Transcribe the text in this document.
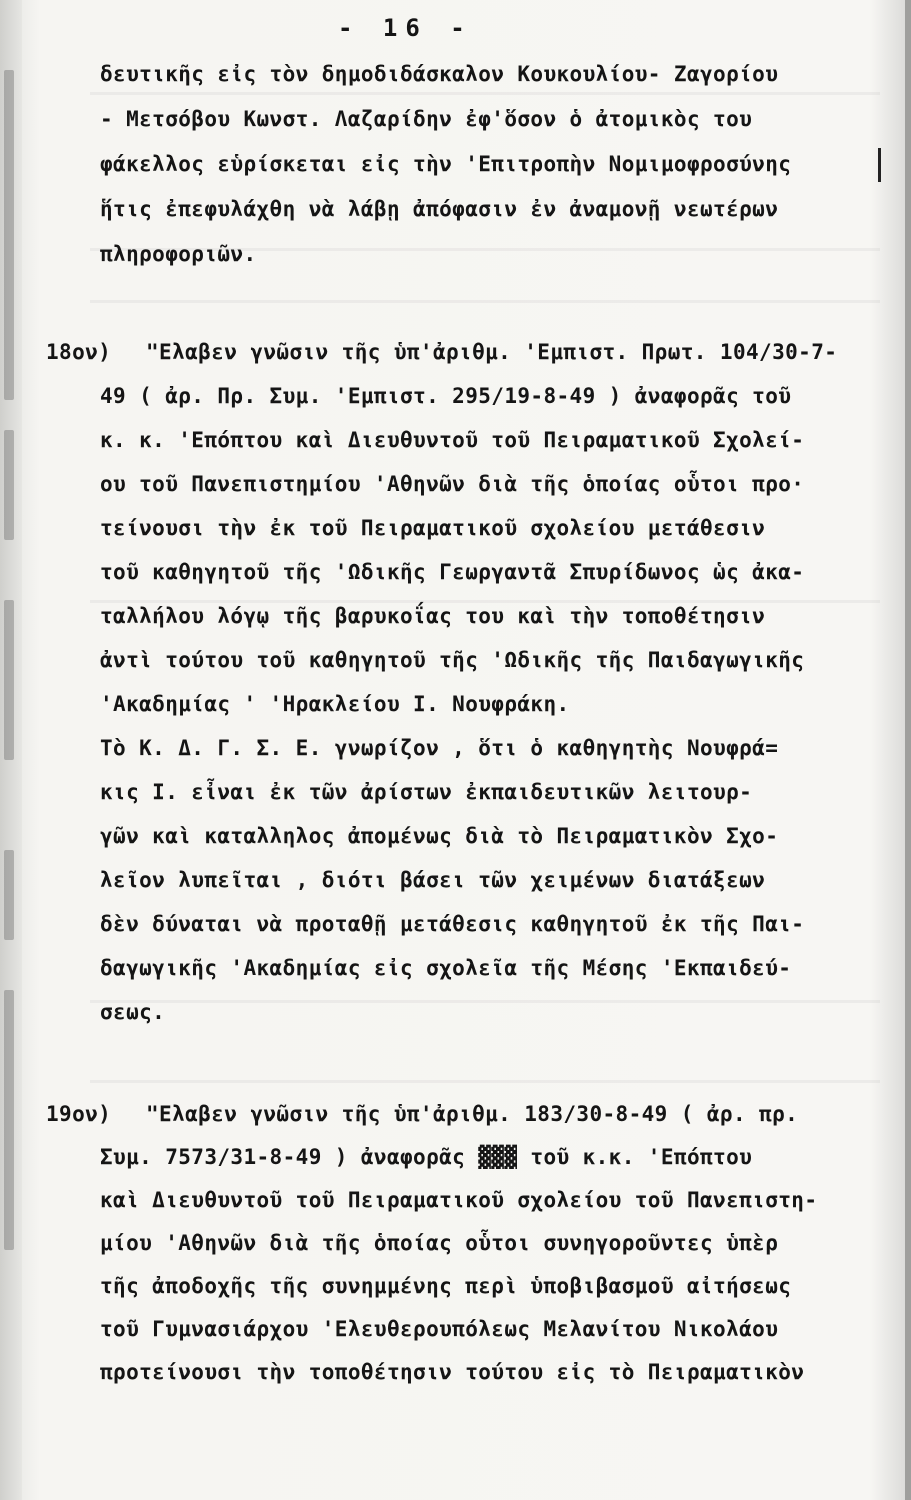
- 16 -
δευτικῆς εἰς τὸν δημοδιδάσκαλον Κουκουλίου- Ζαγορίου
- Μετσόβου Κωνστ. Λαζαρίδην ἐφ'ὅσον ὁ ἀτομικὸς του
φάκελλος εὑρίσκεται εἰς τὴν 'Επιτροπὴν Νομιμοφροσύνης
ἥτις ἐπεφυλάχθη νὰ λάβῃ ἀπόφασιν ἐν ἀναμονῇ νεωτέρων
πληροφοριῶν.
18ον) "Ελαβεν γνῶσιν τῆς ὑπ'ἀριθμ. 'Εμπιστ. Πρωτ. 104/30-7-
49 ( ἀρ. Πρ. Συμ. 'Εμπιστ. 295/19-8-49 ) ἀναφορᾶς τοῦ
κ. κ. 'Επόπτου καὶ Διευθυντοῦ τοῦ Πειραματικοῦ Σχολεί-
ου τοῦ Πανεπιστημίου 'Αθηνῶν διὰ τῆς ὁποίας οὗτοι προ·
τείνουσι τὴν ἐκ τοῦ Πειραματικοῦ σχολείου μετάθεσιν
τοῦ καθηγητοῦ τῆς 'Ωδικῆς Γεωργαντᾶ Σπυρίδωνος ὡς ἀκα-
ταλλήλου λόγῳ τῆς βαρυκοΐας του καὶ τὴν τοποθέτησιν
ἀντὶ τούτου τοῦ καθηγητοῦ τῆς 'Ωδικῆς τῆς Παιδαγωγικῆς
'Ακαδημίας ' 'Ηρακλείου Ι. Νουφράκη.
Τὸ Κ. Δ. Γ. Σ. Ε. γνωρίζον , ὅτι ὁ καθηγητὴς Νουφρά=
κις Ι. εἶναι ἐκ τῶν ἀρίστων ἐκπαιδευτικῶν λειτουρ-
γῶν καὶ καταλληλος ἀπομένως διὰ τὸ Πειραματικὸν Σχο-
λεῖον λυπεῖται , διότι βάσει τῶν χειμένων διατάξεων
δὲν δύναται νὰ προταθῇ μετάθεσις καθηγητοῦ ἐκ τῆς Παι-
δαγωγικῆς 'Ακαδημίας εἰς σχολεῖα τῆς Μέσης 'Εκπαιδεύ-
σεως.
19ον) "Ελαβεν γνῶσιν τῆς ὑπ'ἀριθμ. 183/30-8-49 ( ἀρ. πρ.
Συμ. 7573/31-8-49 ) ἀναφορᾶς ▓▓▓ τοῦ κ.κ. 'Επόπτου
καὶ Διευθυντοῦ τοῦ Πειραματικοῦ σχολείου τοῦ Πανεπιστη-
μίου 'Αθηνῶν διὰ τῆς ὁποίας οὗτοι συνηγοροῦντες ὑπὲρ
τῆς ἀποδοχῆς τῆς συνημμένης περὶ ὑποβιβασμοῦ αἰτήσεως
τοῦ Γυμνασιάρχου 'Ελευθερουπόλεως Μελανίτου Νικολάου
προτείνουσι τὴν τοποθέτησιν τούτου εἰς τὸ Πειραματικὸν
